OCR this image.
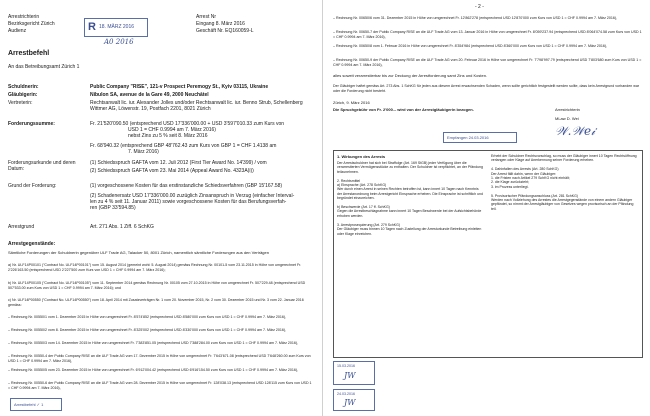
Arrestrichterin
Bezirksgericht Zürich
Audienz
Arrest Nr
Eingang 8. März 2016
Geschäft Nr. EQ160059-L
R 18. MÄRZ 2016
A0 2016
Arrestbefehl
An das Betreibungsamt Zürich 1
Schuldnerin:	Public Company "RISE", 121-v Prospect Peremogy St., Kyiv 03115, Ukraine
Gläubigerin:	Nibulon SA, avenue de la Gare 49, 2000 Neuchâtel
Vertreterin:	Rechtsanwalt lic. iur. Alexander Jolles und/oder Rechtsanwalt lic. iur. Benno Strub, Schellenberg Wittmer AG, Löwenstr. 19, Postfach 2201, 8021 Zürich
Forderungssumme:	Fr. 21'520'090.50 (entsprechend USD 17'336'000.00 + USD 3'597'010.33 zum Kurs von
USD 1 = CHF 0.9994 am 7. März 2016)
nebst Zins zu 5 % seit 8. März 2016
Fr. 68'940.32 (entsprechend GBP 48'762.43 zum Kurs von GBP 1 = CHF 1.4138 am
7. März 2016)
Forderungsurkunde und deren Datum:
(1) Schiedsspruch GAFTA vom 12. Juli 2012 (First Tier Award No. 14'399) / vom
(2) Schiedsspruch GAFTA vom 23. Mai 2014 (Appeal Award No. 4323A(i))
Grund der Forderung:	(1) vorgeschossene Kosten für das erstinstanzliche Schiedsverfahren (GBP 15'167.58)
(2) Schadenersatz USD 17'336'000.00 zuzüglich Zinsanspruch in Verzug (einfacher Interval-
len zu 4 % seit 11. Januar 2011) sowie vorgeschossene Kosten für das Berufungsverfah-
ren (GBP 33'594.85)
Arrestgrund	Art. 271 Abs. 1 Ziff. 6 SchKG
Arrestgegenstände:
Sämtliche Forderungen der Schuldnerin gegenüber ULF Trade AG, Talacker 50, 8001 Zürich, namentlich sämtliche Forderungen aus den Verträgen
a) Nr. ULF14P00101 ("Contract No. ULF14P00101") vom 15. August 2014 (gemeint wohl: 5. August 2014) gemäss Rechnung Nr. 00101-5 vom 23.11.2015 in Höhe von umgerechnet Fr. 2'226'163.50 (entsprechend USD 2'227'500 zum Kurs von USD 1 = CHF 0.9994 am 7. März 2016);
b) Nr. ULF14P00105 ("Contract No. ULF14P00105") vom 11. September 2014 gemäss Rechnung Nr. 00105 vom 27.10.2015 in Höhe von umgerechnet Fr. 507'229.48 (entsprechend USD 507'533.00 zum Kurs von USD 1 = CHF 0.9994 am 7. März 2016); und
c) Nr. ULF14P00550 ("Contract No. ULF14P00550") vom 18. April 2014 mit Zusatzverträgen Nr. 1 vom 20. November 2015, Nr. 2 vom 30. Dezember 2015 und Nr. 3 vom 22. Januar 2016 gemäss:
– Rechnung Nr. 00550/1 vom 1. Dezember 2015 in Höhe von umgerechnet Fr. 8'574'852 (entsprechend USD 8'580'000 zum Kurs von USD 1 = CHF 0.9994 am 7. März 2016),
– Rechnung Nr. 00550/2 vom 8. Dezember 2015 in Höhe von umgerechnet Fr. 8'325'002 (entsprechend USD 8'330'000 zum Kurs von USD 1 = CHF 0.9994 am 7. März 2016),
– Rechnung Nr. 00550/3 vom 14. Dezember 2015 in Höhe von umgerechnet Fr. 7'383'851.05 (entsprechend USD 7'388'284.00 zum Kurs von USD 1 = CHF 0.9994 am 7. März 2016),
– Rechnung Nr. 00550-4 der Public Company RISE an die ULF Trade AG vom 17. Dezember 2015 in Höhe von umgerechnet Fr. 7'643'671.08 (entsprechend USD 7'648'260.00 zum Kurs von USD 1 = CHF 0.9994 am 7. März 2016),
– Rechnung Nr. 00550/5 vom 23. Dezember 2015 in Höhe von umgerechnet Fr. 6'912'004.42 (entsprechend USD 6'916'154.50 zum Kurs von USD 1 = CHF 0.9994 am 7. März 2016),
– Rechnung Nr. 00550-6 der Public Company RISE an die ULF Trade AG vom 28. Dezember 2015 in Höhe von umgerechnet Fr. 128'038.13 (entsprechend USD 128'115 zum Kurs von USD 1 = CHF 0.9994 am 7. März 2016),
Arrestbefehl ✓ 1
- 2 -
– Rechnung Nr. 00650/6 vom 31. Dezember 2015 in Höhe von umgerechnet Fr. 12'862'278 (entsprechend USD 12'870'000 zum Kurs von USD 1 = CHF 0.9994 am 7. März 2016),
– Rechnung Nr. 00650-7 der Public Company RISE an die ULF Trade AG vom 13. Januar 2016 in Höhe von umgerechnet Fr. 8'059'237.94 (entsprechend USD 8'064'074.58 zum Kurs von USD 1 = CHF 0.9994 am 7. März 2016),
– Rechnung Nr. 00650/8 vom 1. Februar 2016 in Höhe von umgerechnet Fr. 8'354'984 (entsprechend USD 8'360'000 zum Kurs von USD 1 = CHF 0.9994 am 7. März 2016),
– Rechnung Nr. 00650-9 der Public Company RISE an die ULF Trade AG vom 20. Februar 2016 in Höhe von umgerechnet Fr. 7'798'997.79 (entsprechend USD 7'803'680 zum Kurs von USD 1 = CHF 0.9994 am 7. März 2016),
alles soweit verarrestierbar bis zur Deckung der Arrestforderung samt Zins und Kosten.
Der Gläubiger haftet gemäss Art. 273 Abs. 1 SchKG für jeden aus diesem Arrest erwachsenden Schaden, wenn sollte gerichtlich festgestellt werden sollte, dass kein Arrestgrund vorhanden war oder die Forderung nicht besteht.
Zürich, 9. März 2016
Die Spruchgebühr von Fr. 2'000.– wird von der Arrestgläubigerin bezogen.	Arrestrichterin
MLaw D. Wei
𝒲.𝒲𝑒𝒾
Empfangen 24.03.2016
1. Wirkungen des Arrests
Der Arrestschuldner hat sich bei Straffolge (Art. 169 StGB) jeder Verfügung über die verarrestierten Vermögensstücke zu enthalten. Der Schuldner ist verpflichtet, an der Pfändung teilzunehmen.

2. Rechtsmittel
a) Einsprache (Art. 278 SchKG)
Wer durch einen Arrest in seinen Rechten betroffen ist, kann innert 10 Tagen nach Kenntnis der Arrestanordnung beim Arrestgericht Einsprache erheben. Die Einsprache ist schriftlich und begründet einzureichen.

b) Beschwerde (Art. 17 ff. SchKG)
Gegen die Arrestbeschlagnahme kann innert 10 Tagen Beschwerde bei der Aufsichtsbehörde erhoben werden.

3. Arrestprosequierung (Art. 279 SchKG)
Der Gläubiger muss binnen 10 Tagen nach Zustellung der Arresturkunde Betreibung einleiten oder Klage einreichen.
Erhebt der Schuldner Rechtsvorschlag, so muss der Gläubiger innert 10 Tagen Rechtsöffnung verlangen oder Klage auf Anerkennung seiner Forderung erheben.

4. Dahinfallen des Arrests (Art. 280 SchKG)
Der Arrest fällt dahin, wenn der Gläubiger:
1. die Fristen nach Artikel 279 SchKG nicht einhält;
2. die Klage zurückzieht;
3. im Prozess unterliegt.

5. Provisorischer Pfändungsanschluss (Art. 281 SchKG)
Werden nach Vollziehung des Arrestes die Arrestgegenstände von einem andern Gläubiger gepfändet, so nimmt der Arrestgläubiger von Gesetzes wegen provisorisch an der Pfändung teil.
15.03.2016
JW
24.03.2016
JW
